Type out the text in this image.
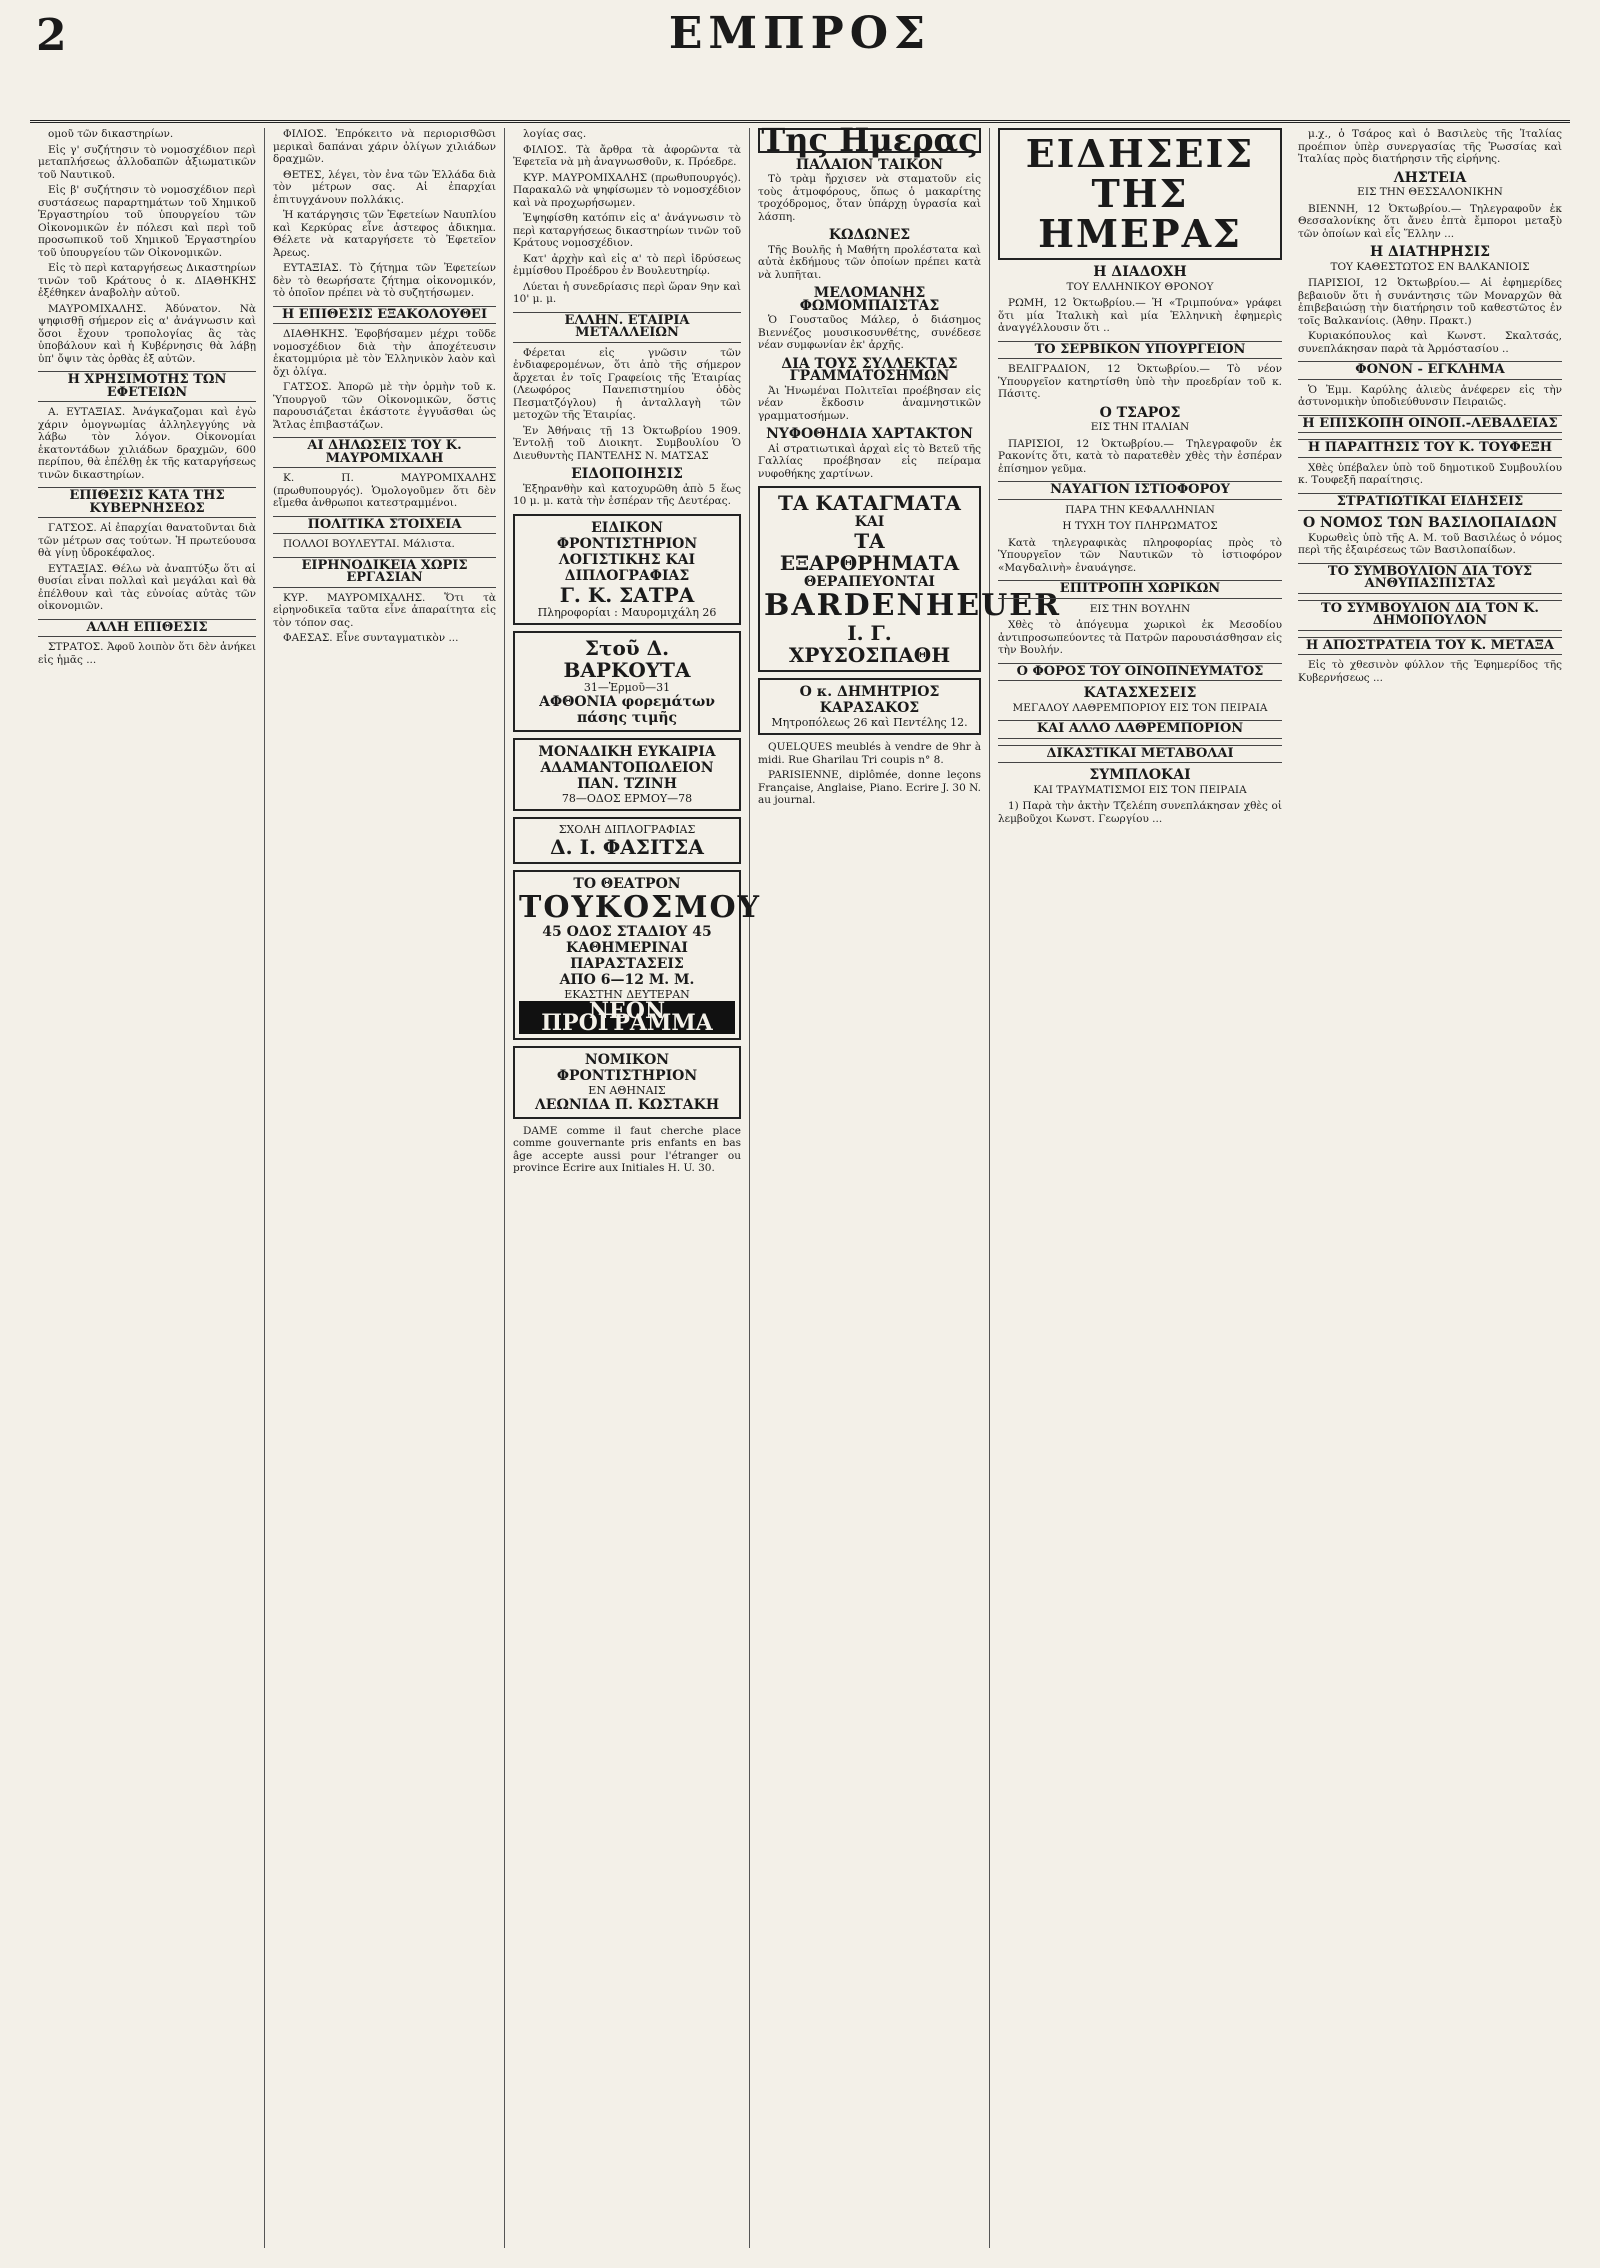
2	ΕΜΠΡΟΣ

ομοῦ τῶν δικαστηρίων.

Εἰς γ' συζήτησιν τὸ νομοσχέδιον περὶ μεταπλήσεως ἀλλοδαπῶν ἀξιωματικῶν τοῦ Ναυτικοῦ.

Εἰς β' συζήτησιν τὸ νομοσχέδιον περὶ συστάσεως παραρτημάτων τοῦ Χημικοῦ Ἐργαστηρίου τοῦ ὑπουργείου τῶν Οἰκονομικῶν ἐν πόλεσι καὶ περὶ τοῦ προσωπικοῦ τοῦ Χημικοῦ Ἐργαστηρίου τοῦ ὑπουργείου τῶν Οἰκονομικῶν.

Εἰς τὸ περὶ καταργήσεως Δικαστηρίων τινῶν τοῦ Κράτους ὁ κ. ΔΙΑΘΗΚΗΣ ἐξέθηκεν ἀναβολὴν αὐτοῦ.

ΜΑΥΡΟΜΙΧΑΛΗΣ. Ἀδύνατον. Νὰ ψηφισθῇ σήμερον εἰς α' ἀνάγνωσιν καὶ ὅσοι ἔχουν τροπολογίας ἂς τὰς ὑποβάλουν καὶ ἡ Κυβέρνησις θὰ λάβῃ ὑπ' ὄψιν τὰς ὁρθὰς ἐξ αὐτῶν.

Η ΧΡΗΣΙΜΟΤΗΣ ΤΩΝ ΕΦΕΤΕΙΩΝ

Α. ΕΥΤΑΞΙΑΣ. Ἀνάγκαζομαι καὶ ἐγὼ χάριν ὁμογνωμίας ἀλληλεγγύης νὰ λάβω τὸν λόγον. Οἰκονομίαι ἑκατοντάδων χιλιάδων δραχμῶν, 600 περίπου, θὰ ἐπέλθῃ ἐκ τῆς καταργήσεως τινῶν δικαστηρίων.

ΕΠΙΘΕΣΙΣ ΚΑΤΑ ΤΗΣ ΚΥΒΕΡΝΗΣΕΩΣ

ΓΑΤΣΟΣ. Αἱ ἐπαρχίαι θανατοῦνται διὰ τῶν μέτρων σας τούτων. Ἡ πρωτεύουσα θὰ γίνῃ ὑδροκέφαλος.

ΕΥΤΑΞΙΑΣ. Θέλω νὰ ἀναπτύξω ὅτι αἱ θυσίαι εἶναι πολλαὶ καὶ μεγάλαι καὶ θὰ ἐπέλθουν καὶ τὰς εὐνοίας αὐτὰς τῶν οἰκονομιῶν.

ΑΛΛΗ ΕΠΙΘΕΣΙΣ

ΣΤΡΑΤΟΣ. Ἀφοῦ λοιπὸν ὅτι δὲν ἀνήκει εἰς ἡμᾶς ...

ΦΙΛΙΟΣ. Ἐπρόκειτο νὰ περιορισθῶσι μερικαὶ δαπάναι χάριν ὀλίγων χιλιάδων δραχμῶν.

ΘΕΤΕΣ, λέγει, τὸν ἐνα τῶν Ἑλλάδα διὰ τὸν μέτρων σας. Αἱ ἐπαρχίαι ἐπιτυγχάνουν πολλάκις.

Ἡ κατάργησις τῶν Ἐφετείων Ναυπλίου καὶ Κερκύρας εἶνε ἀστεφος ἀδικημα. Θέλετε νὰ καταργήσετε τὸ Ἐφετεῖον Ἀρεως.

ΕΥΤΑΞΙΑΣ. Τὸ ζήτημα τῶν Ἐφετείων δὲν τὸ θεωρήσατε ζήτημα οἰκονομικόν, τὸ ὁποῖον πρέπει νὰ τὸ συζητήσωμεν.

Η ΕΠΙΘΕΣΙΣ ΕΞΑΚΟΛΟΥΘΕΙ

ΔΙΑΘΗΚΗΣ. Ἐφοβήσαμεν μέχρι τοῦδε νομοσχέδιον διὰ τὴν ἀποχέτευσιν ἐκατομμύρια μὲ τὸν Ἑλληνικὸν λαὸν καὶ ὄχι ὀλίγα.

ΓΑΤΣΟΣ. Ἀπορῶ μὲ τὴν ὁρμὴν τοῦ κ. Ὑπουργοῦ τῶν Οἰκονομικῶν, ὅστις παρουσιάζεται ἐκάστοτε ἐγγυᾶσθαι ὡς Ἄτλας ἐπιβαστάζων.

ΑΙ ΔΗΛΩΣΕΙΣ ΤΟΥ Κ. ΜΑΥΡΟΜΙΧΑΛΗ

Κ. Π. ΜΑΥΡΟΜΙΧΑΛΗΣ (πρωθυπουργός). Ὁμολογοῦμεν ὅτι δὲν εἴμεθα ἀνθρωποι κατεστραμμένοι.

ΠΟΛΙΤΙΚΑ ΣΤΟΙΧΕΙΑ

ΠΟΛΛΟΙ ΒΟΥΛΕΥΤΑΙ. Μάλιστα.

ΕΙΡΗΝΟΔΙΚΕΙΑ ΧΩΡΙΣ ΕΡΓΑΣΙΑΝ

ΚΥΡ. ΜΑΥΡΟΜΙΧΑΛΗΣ. Ὅτι τὰ εἰρηνοδικεῖα ταῦτα εἶνε ἀπαραίτητα εἰς τὸν τόπον σας.

ΦΑΕΣΑΣ. Εἶνε συνταγματικὸν ...

λογίας σας.

ΦΙΛΙΟΣ. Τὰ ἄρθρα τὰ ἀφορῶντα τὰ Ἐφετεῖα νὰ μὴ ἀναγνωσθοῦν, κ. Πρόεδρε.

ΚΥΡ. ΜΑΥΡΟΜΙΧΑΛΗΣ (πρωθυπουργός). Παρακαλῶ νὰ ψηφίσωμεν τὸ νομοσχέδιον καὶ νὰ προχωρήσωμεν.

Ἐψηφίσθη κατόπιν εἰς α' ἀνάγνωσιν τὸ περὶ καταργήσεως δικαστηρίων τινῶν τοῦ Κράτους νομοσχέδιον.

Κατ' ἀρχὴν καὶ εἰς α' τὸ περὶ ἱδρύσεως ἐμμίσθου Προέδρου ἐν Βουλευτηρίῳ.

Λύεται ἡ συνεδρίασις περὶ ὥραν 9ην καὶ 10' μ. μ.

ΕΛΛΗΝ. ΕΤΑΙΡΙΑ ΜΕΤΑΛΛΕΙΩΝ

Φέρεται εἰς γνῶσιν τῶν ἐνδιαφερομένων, ὅτι ἀπὸ τῆς σήμερον ἄρχεται ἐν τοῖς Γραφείοις τῆς Ἑταιρίας (Λεωφόρος Πανεπιστημίου ὁδὸς Πεσματζόγλου) ἡ ἀνταλλαγὴ τῶν μετοχῶν τῆς Ἑταιρίας.

Ἐν Ἀθήναις τῇ 13 Ὀκτωβρίου 1909. Ἐντολῇ τοῦ Διοικητ. Συμβουλίου Ὁ Διευθυντὴς ΠΑΝΤΕΛΗΣ Ν. ΜΑΤΣΑΣ

ΕΙΔΟΠΟΙΗΣΙΣ

Ἑξηρανθὴν καὶ κατοχυρῶθη ἀπὸ 5 ἕως 10 μ. μ. κατὰ τὴν ἑσπέραν τῆς Δευτέρας.

ΕΙΔΙΚΟΝ ΦΡΟΝΤΙΣΤΗΡΙΟΝ
ΛΟΓΙΣΤΙΚΗΣ ΚΑΙ ΔΙΠΛΟΓΡΑΦΙΑΣ
Γ. Κ. ΣΑΤΡΑ
Πληροφορίαι : Μαυρομιχάλη 26
Στοῦ Δ. ΒΑΡΚΟΥΤΑ
31—Ἑρμοῦ—31
ΑΦΘΟΝΙΑ φορεμάτων πάσης τιμῆς
ΜΟΝΑΔΙΚΗ ΕΥΚΑΙΡΙΑ
ΑΔΑΜΑΝΤΟΠΩΛΕΙΟΝ ΠΑΝ. ΤΖΙΝΗ
78—ΟΔΟΣ ΕΡΜΟΥ—78
ΣΧΟΛΗ ΔΙΠΛΟΓΡΑΦΙΑΣ
Δ. Ι. ΦΑΣΙΤΣΑ
ΤΟ ΘΕΑΤΡΟΝ
ΤΟΥΚΟΣΜΟΥ
45 ΟΔΟΣ ΣΤΑΔΙΟΥ 45
ΚΑΘΗΜΕΡΙΝΑΙ ΠΑΡΑΣΤΑΣΕΙΣ
ΑΠΟ 6—12 Μ. Μ.
ΕΚΑΣΤΗΝ ΔΕΥΤΕΡΑΝ
ΝΕΟΝ ΠΡΟΓΡΑΜΜΑ
ΝΟΜΙΚΟΝ ΦΡΟΝΤΙΣΤΗΡΙΟΝ
ΕΝ ΑΘΗΝΑΙΣ
ΛΕΩΝΙΔΑ Π. ΚΩΣΤΑΚΗ

DAME comme il faut cherche place comme gouvernante pris enfants en bas âge accepte aussi pour l'étranger ou province Ecrire aux Initiales H. U. 30.

Της Ημερας
ΠΑΛΑΙΟΝ ΤΑΙΚΟΝ

Τὸ τρὰμ ἤρχισεν νὰ σταματοῦν εἰς τοὺς ἀτμοφόρους, ὅπως ὁ μακαρίτης τροχόδρομος, ὅταν ὑπάρχῃ ὑγρασία καὶ λάσπη.

ΚΩΔΩΝΕΣ

Τῆς Βουλῆς ἡ Μαθήτη προλέστατα καὶ αὐτὰ ἐκδήμους τῶν ὁποίων πρέπει κατὰ νὰ λυπῆται.

ΜΕΛΟΜΑΝΗΣ ΦΩΜΟΜΠΑΙΣΤΑΣ

Ὁ Γουσταῦος Μάλερ, ὁ διάσημος Βιεννέζος μουσικοσυνθέτης, συνέδεσε νέαν συμφωνίαν ἐκ' ἀρχῆς.

ΔΙΑ ΤΟΥΣ ΣΥΛΛΕΚΤΑΣ ΓΡΑΜΜΑΤΟΣΗΜΩΝ

Ἀι Ἠνωμέναι Πολιτεῖαι προέβησαν εἰς νέαν ἔκδοσιν ἀναμνηστικῶν γραμματοσήμων.

ΝΥΦΟΘΗΔΙΑ ΧΑΡΤΑΚΤΟΝ

Αἱ στρατιωτικαὶ ἀρχαὶ εἰς τὸ Βετεῦ τῆς Γαλλίας προέβησαν εἰς πείραμα νυφοθήκης χαρτίνων.

ΤΑ ΚΑΤΑΓΜΑΤΑ
ΚΑΙ
ΤΑ ΕΞΑΡΘΡΗΜΑΤΑ
ΘΕΡΑΠΕΥΟΝΤΑΙ
BARDENHEUER
Ι. Γ. ΧΡΥΣΟΣΠΑΘΗ
Ο κ. ΔΗΜΗΤΡΙΟΣ ΚΑΡΑΣΑΚΟΣ
Μητροπόλεως 26 καὶ Πεντέλης 12.

QUELQUES meublés à vendre de 9hr à midi. Rue Gharilau Tri coupis n° 8.

PARISIENNE, diplômée, donne leçons Française, Anglaise, Piano. Ecrire J. 30 N. au journal.

ΕΙΔΗΣΕΙΣ ΤΗΣ ΗΜΕΡΑΣ
Η ΔΙΑΔΟΧΗ
ΤΟΥ ΕΛΛΗΝΙΚΟΥ ΘΡΟΝΟΥ

ΡΩΜΗ, 12 Ὀκτωβρίου.— Ἡ «Τριμπούνα» γράφει ὅτι μία Ἰταλικὴ καὶ μία Ἑλληνικὴ ἐφημερὶς ἀναγγέλλουσιν ὅτι ..

ΤΟ ΣΕΡΒΙΚΟΝ ΥΠΟΥΡΓΕΙΟΝ

ΒΕΛΙΓΡΑΔΙΟΝ, 12 Ὀκτωβρίου.— Τὸ νέον Ὑπουργεῖον κατηρτίσθη ὑπὸ τὴν προεδρίαν τοῦ κ. Πάσιτς.

Ο ΤΣΑΡΟΣ
ΕΙΣ ΤΗΝ ΙΤΑΛΙΑΝ

ΠΑΡΙΣΙΟΙ, 12 Ὀκτωβρίου.— Τηλεγραφοῦν ἐκ Ρακονίτς ὅτι, κατὰ τὸ παρατεθὲν χθὲς τὴν ἑσπέραν ἐπίσημον γεῦμα.

ΝΑΥΑΓΙΟΝ ΙΣΤΙΟΦΟΡΟΥ
ΠΑΡΑ ΤΗΝ ΚΕΦΑΛΛΗΝΙΑΝ
Η ΤΥΧΗ ΤΟΥ ΠΛΗΡΩΜΑΤΟΣ

Κατὰ τηλεγραφικὰς πληροφορίας πρὸς τὸ Ὑπουργεῖον τῶν Ναυτικῶν τὸ ἱστιοφόρον «Μαγδαλινὴ» ἐναυάγησε.

ΕΠΙΤΡΟΠΗ ΧΩΡΙΚΩΝ
ΕΙΣ ΤΗΝ ΒΟΥΛΗΝ

Χθὲς τὸ ἀπόγευμα χωρικοὶ ἐκ Μεσοδίου ἀντιπροσωπεύοντες τὰ Πατρῶν παρουσιάσθησαν εἰς τὴν Βουλήν.

Ο ΦΟΡΟΣ ΤΟΥ ΟΙΝΟΠΝΕΥΜΑΤΟΣ
ΚΑΤΑΣΧΕΣΕΙΣ
ΜΕΓΑΛΟΥ ΛΑΘΡΕΜΠΟΡΙΟΥ ΕΙΣ ΤΟΝ ΠΕΙΡΑΙΑ
ΚΑΙ ΑΛΛΟ ΛΑΘΡΕΜΠΟΡΙΟΝ
ΔΙΚΑΣΤΙΚΑΙ ΜΕΤΑΒΟΛΑΙ
ΣΥΜΠΛΟΚΑΙ
ΚΑΙ ΤΡΑΥΜΑΤΙΣΜΟΙ ΕΙΣ ΤΟΝ ΠΕΙΡΑΙΑ

1) Παρὰ τὴν ἀκτὴν Τζελέπη συνεπλάκησαν χθὲς οἱ λεμβοῦχοι Κωνστ. Γεωργίου ...

μ.χ., ὁ Τσάρος καὶ ὁ Βασιλεὺς τῆς Ἰταλίας προέπιον ὑπὲρ συνεργασίας τῆς Ῥωσσίας καὶ Ἰταλίας πρὸς διατήρησιν τῆς εἰρήνης.

ΛΗΣΤΕΙΑ
ΕΙΣ ΤΗΝ ΘΕΣΣΑΛΟΝΙΚΗΝ

ΒΙΕΝΝΗ, 12 Ὀκτωβρίου.— Τηλεγραφοῦν ἐκ Θεσσαλονίκης ὅτι ἄνευ ἑπτὰ ἔμποροι μεταξὺ τῶν ὁποίων καὶ εἷς Ἕλλην ...

Η ΔΙΑΤΗΡΗΣΙΣ
ΤΟΥ ΚΑΘΕΣΤΩΤΟΣ ΕΝ ΒΑΛΚΑΝΙΟΙΣ

ΠΑΡΙΣΙΟΙ, 12 Ὀκτωβρίου.— Αἱ ἐφημερίδες βεβαιοῦν ὅτι ἡ συνάντησις τῶν Μοναρχῶν θὰ ἐπιβεβαιώσῃ τὴν διατήρησιν τοῦ καθεστῶτος ἐν τοῖς Βαλκανίοις. (Ἀθην. Πρακτ.)

Κυριακόπουλος καὶ Κωνστ. Σκαλτσάς, συνεπλάκησαν παρὰ τὰ Ἀρμόστασίου ..

ΦΟΝΟΝ - ΕΓΚΛΗΜΑ

Ὁ Ἐμμ. Καρύλης ἀλιεὺς ἀνέφερεν εἰς τὴν ἀστυνομικὴν ὑποδιεύθυνσιν Πειραιῶς.

Η ΕΠΙΣΚΟΠΗ ΟΙΝΟΠ.-ΛΕΒΑΔΕΙΑΣ
Η ΠΑΡΑΙΤΗΣΙΣ ΤΟΥ Κ. ΤΟΥΦΕΞΗ

Χθὲς ὑπέβαλεν ὑπὸ τοῦ δημοτικοῦ Συμβουλίου κ. Τουφεξῆ παραίτησις.

ΣΤΡΑΤΙΩΤΙΚΑΙ ΕΙΔΗΣΕΙΣ
Ο ΝΟΜΟΣ ΤΩΝ ΒΑΣΙΛΟΠΑΙΔΩΝ

Κυρωθεὶς ὑπὸ τῆς Α. Μ. τοῦ Βασιλέως ὁ νόμος περὶ τῆς ἐξαιρέσεως τῶν Βασιλοπαίδων.

ΤΟ ΣΥΜΒΟΥΛΙΟΝ ΔΙΑ ΤΟΥΣ ΑΝΘΥΠΑΣΠΙΣΤΑΣ
ΤΟ ΣΥΜΒΟΥΛΙΟΝ ΔΙΑ ΤΟΝ Κ. ΔΗΜΟΠΟΥΛΟΝ
Η ΑΠΟΣΤΡΑΤΕΙΑ ΤΟΥ Κ. ΜΕΤΑΞΑ

Εἰς τὸ χθεσινὸν φύλλον τῆς Ἐφημερίδος τῆς Κυβερνήσεως ...
